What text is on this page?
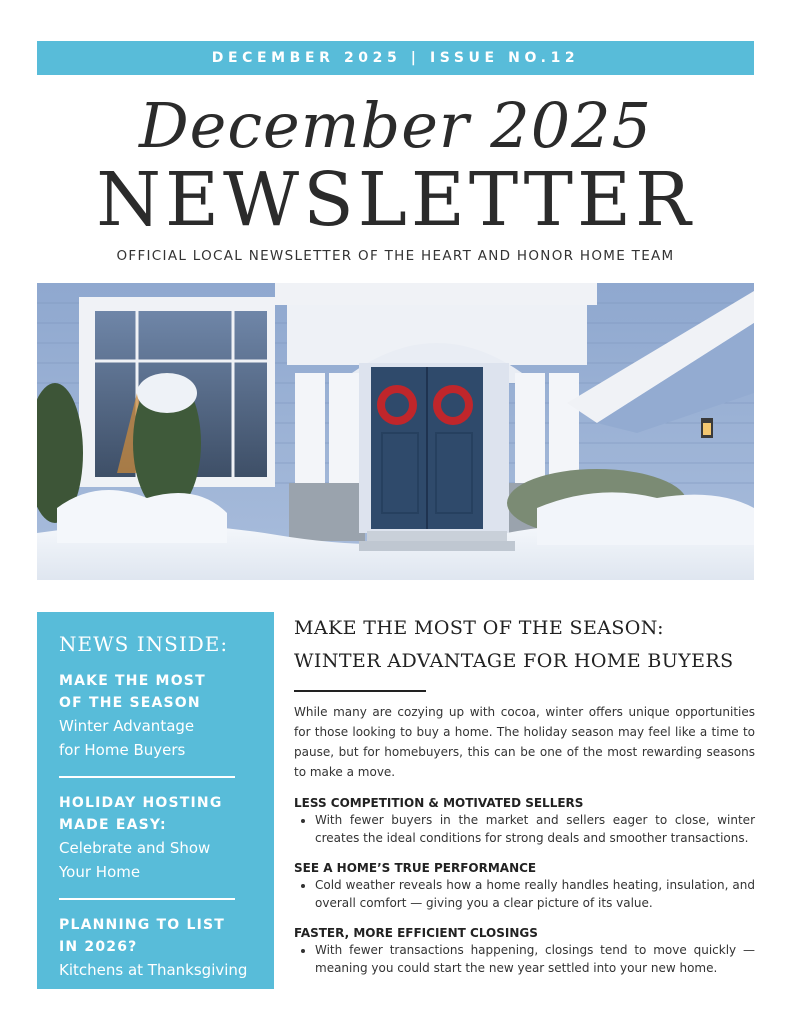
DECEMBER 2025 | ISSUE NO.12
December 2025
NEWSLETTER
OFFICIAL LOCAL NEWSLETTER OF THE HEART AND HONOR HOME TEAM
NEWS INSIDE:
MAKE THE MOST
OF THE SEASON
Winter Advantage
for Home Buyers
HOLIDAY HOSTING
MADE EASY:
Celebrate and Show
Your Home
PLANNING TO LIST
IN 2026?
Kitchens at Thanksgiving
MAKE THE MOST OF THE SEASON:
WINTER ADVANTAGE FOR HOME BUYERS

While many are cozying up with cocoa, winter offers unique opportunities for those looking to buy a home. The holiday season may feel like a time to pause, but for homebuyers, this can be one of the most rewarding seasons to make a move.

LESS COMPETITION & MOTIVATED SELLERS
• With fewer buyers in the market and sellers eager to close, winter creates the ideal conditions for strong deals and smoother transactions.
SEE A HOME’S TRUE PERFORMANCE
• Cold weather reveals how a home really handles heating, insulation, and overall comfort — giving you a clear picture of its value.
FASTER, MORE EFFICIENT CLOSINGS
• With fewer transactions happening, closings tend to move quickly — meaning you could start the new year settled into your new home.
